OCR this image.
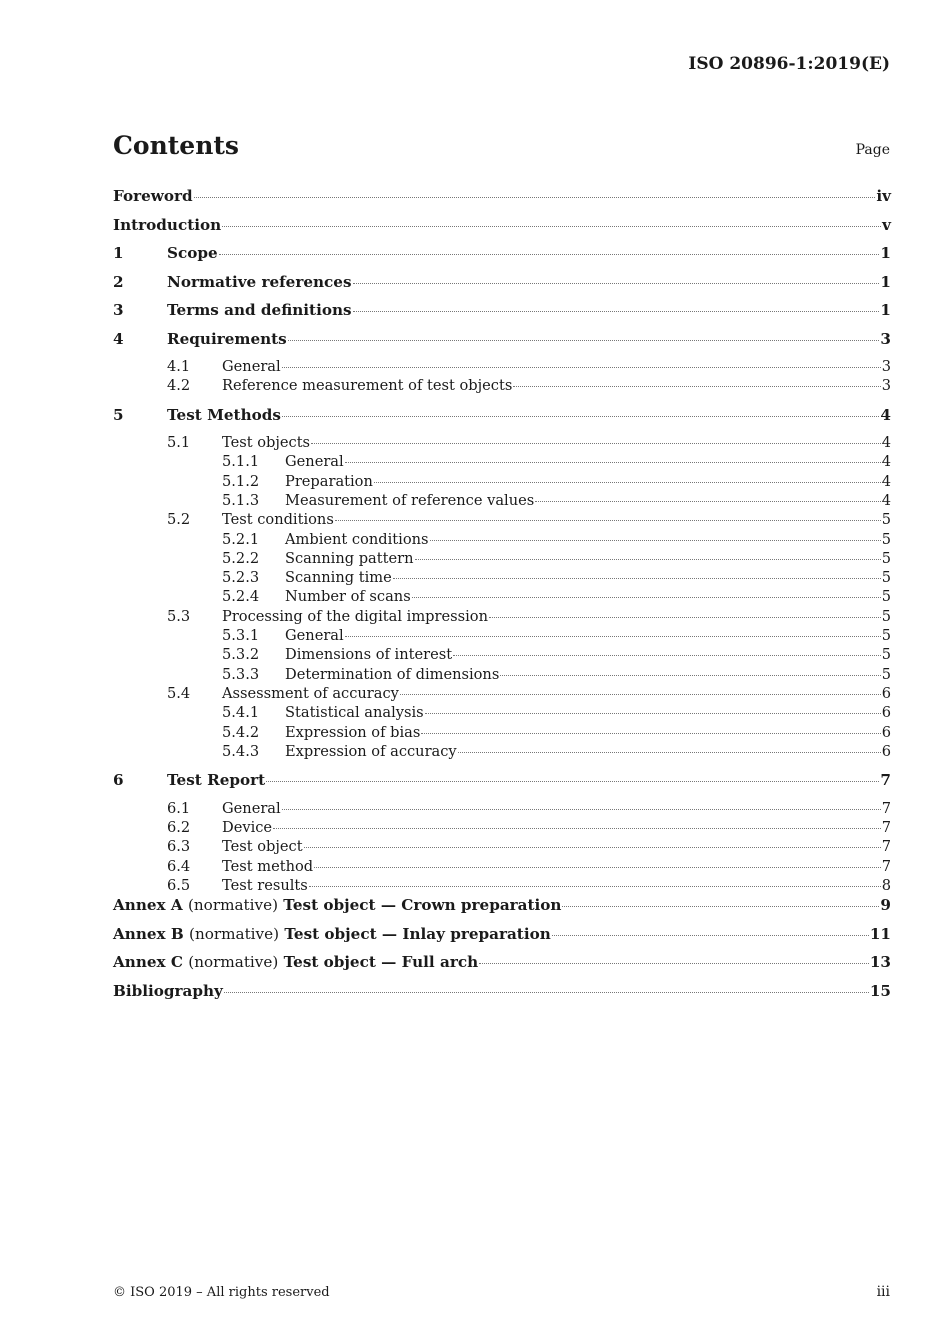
ISO 20896-1:2019(E)
Contents	Page
Foreword	iv
Introduction	v
1	Scope	1
2	Normative references	1
3	Terms and definitions	1
4	Requirements	3
4.1	General	3
4.2	Reference measurement of test objects	3
5	Test Methods	4
5.1	Test objects	4
5.1.1	General	4
5.1.2	Preparation	4
5.1.3	Measurement of reference values	4
5.2	Test conditions	5
5.2.1	Ambient conditions	5
5.2.2	Scanning pattern	5
5.2.3	Scanning time	5
5.2.4	Number of scans	5
5.3	Processing of the digital impression	5
5.3.1	General	5
5.3.2	Dimensions of interest	5
5.3.3	Determination of dimensions	5
5.4	Assessment of accuracy	6
5.4.1	Statistical analysis	6
5.4.2	Expression of bias	6
5.4.3	Expression of accuracy	6
6	Test Report	7
6.1	General	7
6.2	Device	7
6.3	Test object	7
6.4	Test method	7
6.5	Test results	8
Annex A (normative) Test object — Crown preparation	9
Annex B (normative) Test object — Inlay preparation	11
Annex C (normative) Test object — Full arch	13
Bibliography	15
© ISO 2019 – All rights reserved	iii
